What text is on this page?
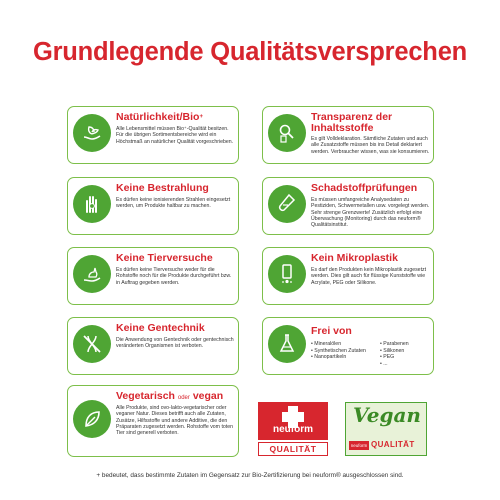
Grundlegende Qualitätsversprechen
Natürlichkeit/Bio+
Alle Lebensmittel müssen Bio⁺-Qualität besitzen. Für die übrigen Sortimentsbereiche wird ein Höchstmaß an natürlicher Qualität vorgeschrieben.
Keine Bestrahlung
Es dürfen keine ionisierenden Strahlen eingesetzt werden, um Produkte haltbar zu machen.
Keine Tierversuche
Es dürfen keine Tierversuche weder für die Rohstoffe noch für die Produkte durchgeführt bzw. in Auftrag gegeben werden.
Keine Gentechnik
Die Anwendung von Gentechnik oder gentechnisch veränderten Organismen ist verboten.
Vegetarisch oder vegan
Alle Produkte, sind ovo-lakto-vegetarischer oder veganer Natur. Dieses betrifft auch alle Zutaten, Zusätze, Hilfsstoffe und andere Additive, die den Präparaten zugesetzt werden. Rohstoffe vom toten Tier sind generell verboten.
Transparenz der Inhaltsstoffe
Es gilt Volldeklaration. Sämtliche Zutaten und auch alle Zusatzstoffe müssen bis ins Detail deklariert werden. Verbraucher wissen, was sie konsumieren.
Schadstoffprüfungen
Es müssen umfangreiche Analysedaten zu Pestiziden, Schwermetallen usw. vorgelegt werden. Sehr strenge Grenzwerte! Zusätzlich erfolgt eine Überwachung (Monitoring) durch das neuform® Qualitätsinstitut.
Kein Mikroplastik
Es darf den Produkten kein Mikroplastik zugesetzt werden. Dies gilt auch für flüssige Kunststoffe wie Acrylate, PEG oder Silikone.
Frei von
• Mineralölen
• Synthetischen Zutaten
• Nanopartikeln
• Parabenen
• Silikonen
• PEG
• ...
neuform
QUALITÄT
Vegan
neuform QUALITÄT
+ bedeutet, dass bestimmte Zutaten im Gegensatz zur Bio-Zertifizierung bei neuform® ausgeschlossen sind.
